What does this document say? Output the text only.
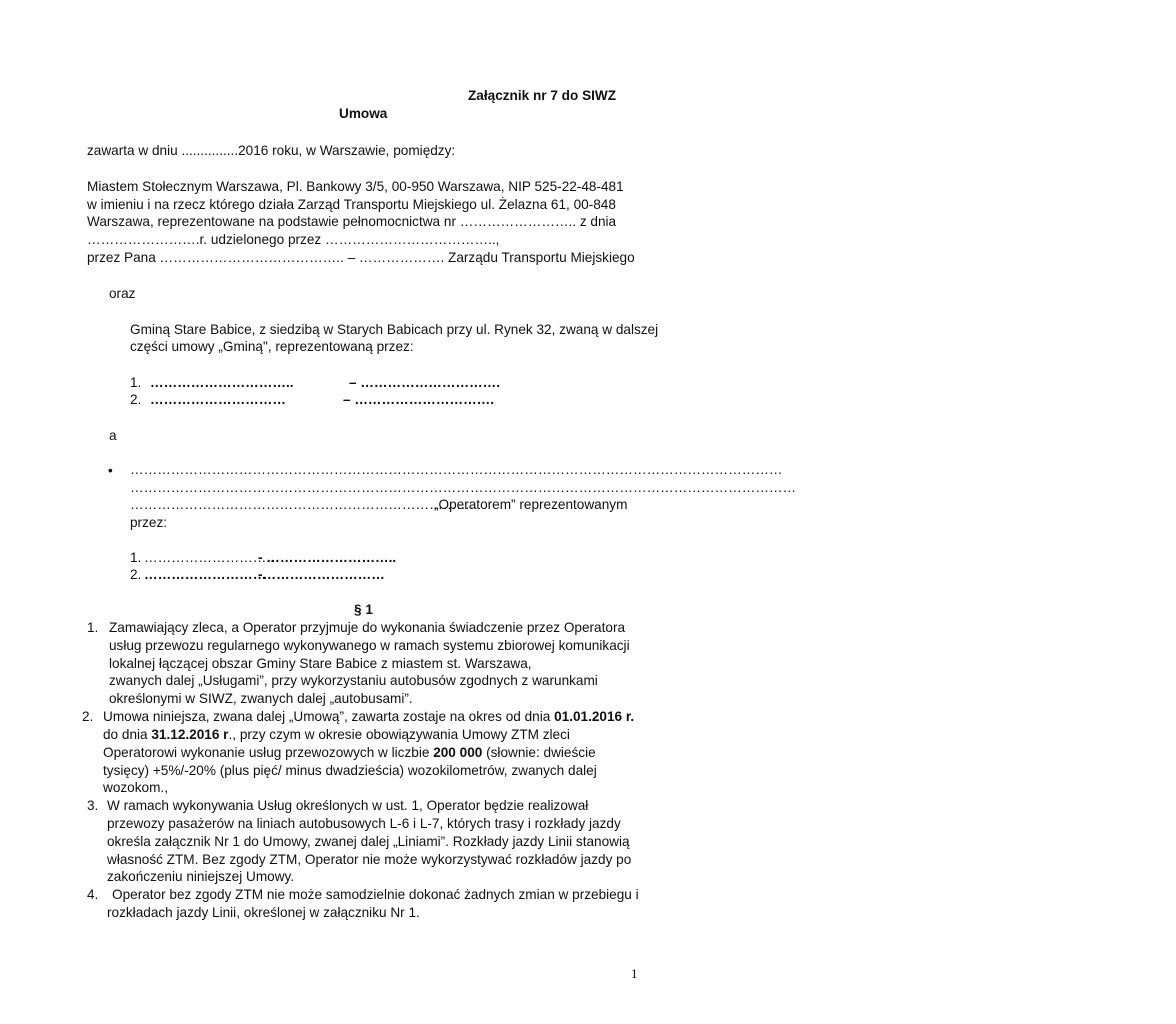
Załącznik nr 7 do SIWZ
Umowa
zawarta w dniu ...............2016 roku, w Warszawie, pomiędzy:
Miastem Stołecznym Warszawa, Pl. Bankowy 3/5, 00-950 Warszawa, NIP 525-22-48-481
w imieniu i na rzecz którego działa Zarząd Transportu Miejskiego ul. Żelazna 61, 00-848
Warszawa, reprezentowane na podstawie pełnomocnictwa nr …………………….. z dnia
…………………….r. udzielonego przez ………………………………..,
przez Pana ………………………………….. – ………………. Zarządu Transportu Miejskiego
oraz
Gminą Stare Babice, z siedzibą w Starych Babicach przy ul. Rynek 32, zwaną w dalszej
części umowy „Gminą", reprezentowaną przez:
1. …………………………..	– ………………………….
2. …………………………	– ………………………….
a
• ………………………………………………………………………………………………………………………………
…………………………………………………………………………………………………………………………………
…………………………………………………………………..
„Operatorem” reprezentowanym
przez:
1. ………………………..
- ………………………..
2. ………………………
-………………………
§ 1
1. Zamawiający zleca, a Operator przyjmuje do wykonania świadczenie przez Operatora
usług przewozu regularnego wykonywanego w ramach systemu zbiorowej komunikacji
lokalnej łączącej obszar Gminy Stare Babice z miastem st. Warszawa,
zwanych dalej „Usługami”, przy wykorzystaniu autobusów zgodnych z warunkami
określonymi w SIWZ, zwanych dalej „autobusami”.
2. Umowa niniejsza, zwana dalej „Umową”, zawarta zostaje na okres od dnia 01.01.2016 r.
do dnia 31.12.2016 r., przy czym w okresie obowiązywania Umowy ZTM zleci
Operatorowi wykonanie usług przewozowych w liczbie 200 000 (słownie: dwieście
tysięcy) +5%/-20% (plus pięć/ minus dwadzieścia) wozokilometrów, zwanych dalej
wozokom.,
3. W ramach wykonywania Usług określonych w ust. 1, Operator będzie realizował
przewozy pasażerów na liniach autobusowych L-6 i L-7, których trasy i rozkłady jazdy
określa załącznik Nr 1 do Umowy, zwanej dalej „Liniami”. Rozkłady jazdy Linii stanowią
własność ZTM. Bez zgody ZTM, Operator nie może wykorzystywać rozkładów jazdy po
zakończeniu niniejszej Umowy.
4. Operator bez zgody ZTM nie może samodzielnie dokonać żadnych zmian w przebiegu i
rozkładach jazdy Linii, określonej w załączniku Nr 1.
1
